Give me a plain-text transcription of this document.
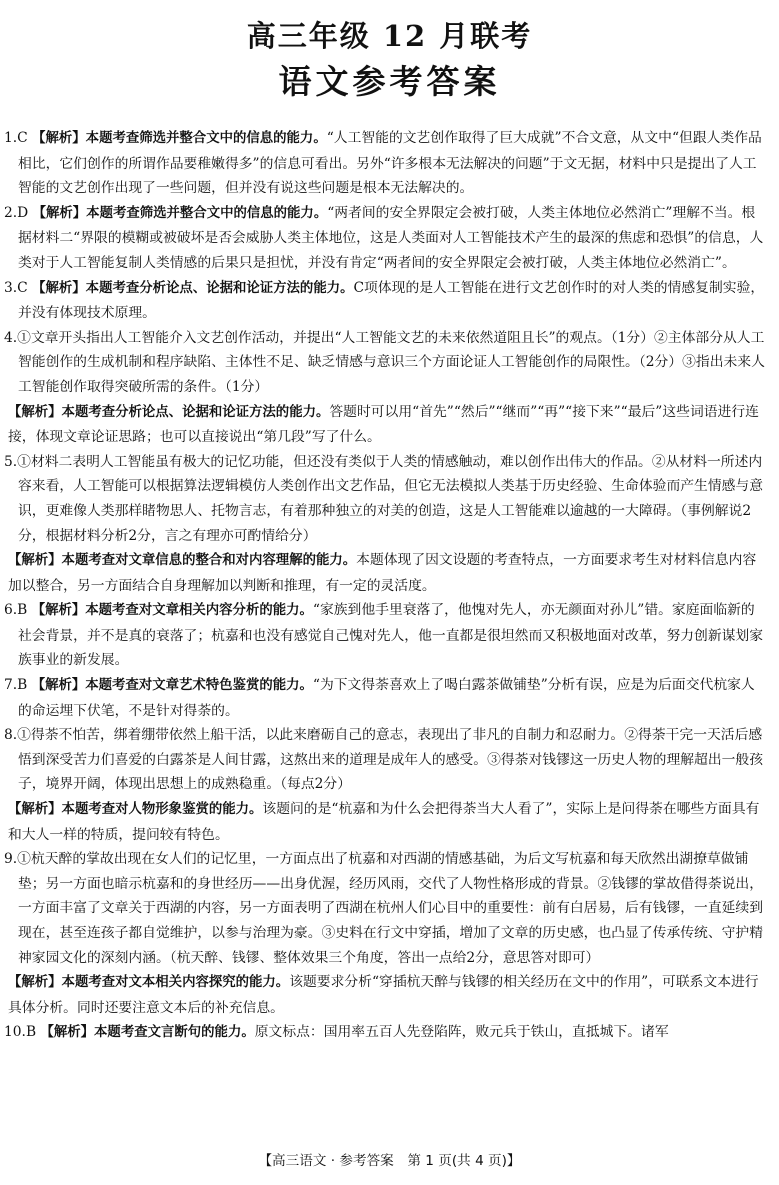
高三年级 12 月联考

语文参考答案

1.C 【解析】本题考查筛选并整合文中的信息的能力。“人工智能的文艺创作取得了巨大成就”不合文意，从文中“但跟人类作品相比，它们创作的所谓作品要稚嫩得多”的信息可看出。另外“许多根本无法解决的问题”于文无据，材料中只是提出了人工智能的文艺创作出现了一些问题，但并没有说这些问题是根本无法解决的。

2.D 【解析】本题考查筛选并整合文中的信息的能力。“两者间的安全界限定会被打破，人类主体地位必然消亡”理解不当。根据材料二“界限的模糊或被破坏是否会威胁人类主体地位，这是人类面对人工智能技术产生的最深的焦虑和恐惧”的信息，人类对于人工智能复制人类情感的后果只是担忧，并没有肯定“两者间的安全界限定会被打破，人类主体地位必然消亡”。

3.C 【解析】本题考查分析论点、论据和论证方法的能力。C项体现的是人工智能在进行文艺创作时的对人类的情感复制实验，并没有体现技术原理。

4.①文章开头指出人工智能介入文艺创作活动，并提出“人工智能文艺的未来依然道阻且长”的观点。（1分）②主体部分从人工智能创作的生成机制和程序缺陷、主体性不足、缺乏情感与意识三个方面论证人工智能创作的局限性。（2分）③指出未来人工智能创作取得突破所需的条件。（1分）

【解析】本题考查分析论点、论据和论证方法的能力。答题时可以用“首先”“然后”“继而”“再”“接下来”“最后”这些词语进行连接，体现文章论证思路；也可以直接说出“第几段”写了什么。

5.①材料二表明人工智能虽有极大的记忆功能，但还没有类似于人类的情感触动，难以创作出伟大的作品。②从材料一所述内容来看，人工智能可以根据算法逻辑模仿人类创作出文艺作品，但它无法模拟人类基于历史经验、生命体验而产生情感与意识，更难像人类那样睹物思人、托物言志，有着那种独立的对美的创造，这是人工智能难以逾越的一大障碍。（事例解说2分，根据材料分析2分，言之有理亦可酌情给分）

【解析】本题考查对文章信息的整合和对内容理解的能力。本题体现了因文设题的考查特点，一方面要求考生对材料信息内容加以整合，另一方面结合自身理解加以判断和推理，有一定的灵活度。

6.B 【解析】本题考查对文章相关内容分析的能力。“家族到他手里衰落了，他愧对先人，亦无颜面对孙儿”错。家庭面临新的社会背景，并不是真的衰落了；杭嘉和也没有感觉自己愧对先人，他一直都是很坦然而又积极地面对改革，努力创新谋划家族事业的新发展。

7.B 【解析】本题考查对文章艺术特色鉴赏的能力。“为下文得荼喜欢上了喝白露茶做铺垫”分析有误，应是为后面交代杭家人的命运埋下伏笔，不是针对得荼的。

8.①得荼不怕苦，绑着绷带依然上船干活，以此来磨砺自己的意志，表现出了非凡的自制力和忍耐力。②得荼干完一天活后感悟到深受苦力们喜爱的白露茶是人间甘露，这熬出来的道理是成年人的感受。③得荼对钱镠这一历史人物的理解超出一般孩子，境界开阔，体现出思想上的成熟稳重。（每点2分）

【解析】本题考查对人物形象鉴赏的能力。该题问的是“杭嘉和为什么会把得荼当大人看了”，实际上是问得荼在哪些方面具有和大人一样的特质，提问较有特色。

9.①杭天醉的掌故出现在女人们的记忆里，一方面点出了杭嘉和对西湖的情感基础，为后文写杭嘉和每天欣然出湖撩草做铺垫；另一方面也暗示杭嘉和的身世经历——出身优渥，经历风雨，交代了人物性格形成的背景。②钱镠的掌故借得荼说出，一方面丰富了文章关于西湖的内容，另一方面表明了西湖在杭州人们心目中的重要性：前有白居易，后有钱镠，一直延续到现在，甚至连孩子都自觉维护，以参与治理为豪。③史料在行文中穿插，增加了文章的历史感，也凸显了传承传统、守护精神家园文化的深刻内涵。（杭天醉、钱镠、整体效果三个角度，答出一点给2分，意思答对即可）

【解析】本题考查对文本相关内容探究的能力。该题要求分析“穿插杭天醉与钱镠的相关经历在文中的作用”，可联系文本进行具体分析。同时还要注意文本后的补充信息。

10.B 【解析】本题考查文言断句的能力。原文标点：国用率五百人先登陷阵，败元兵于铁山，直抵城下。诸军

【高三语文 · 参考答案　第 1 页(共 4 页)】
